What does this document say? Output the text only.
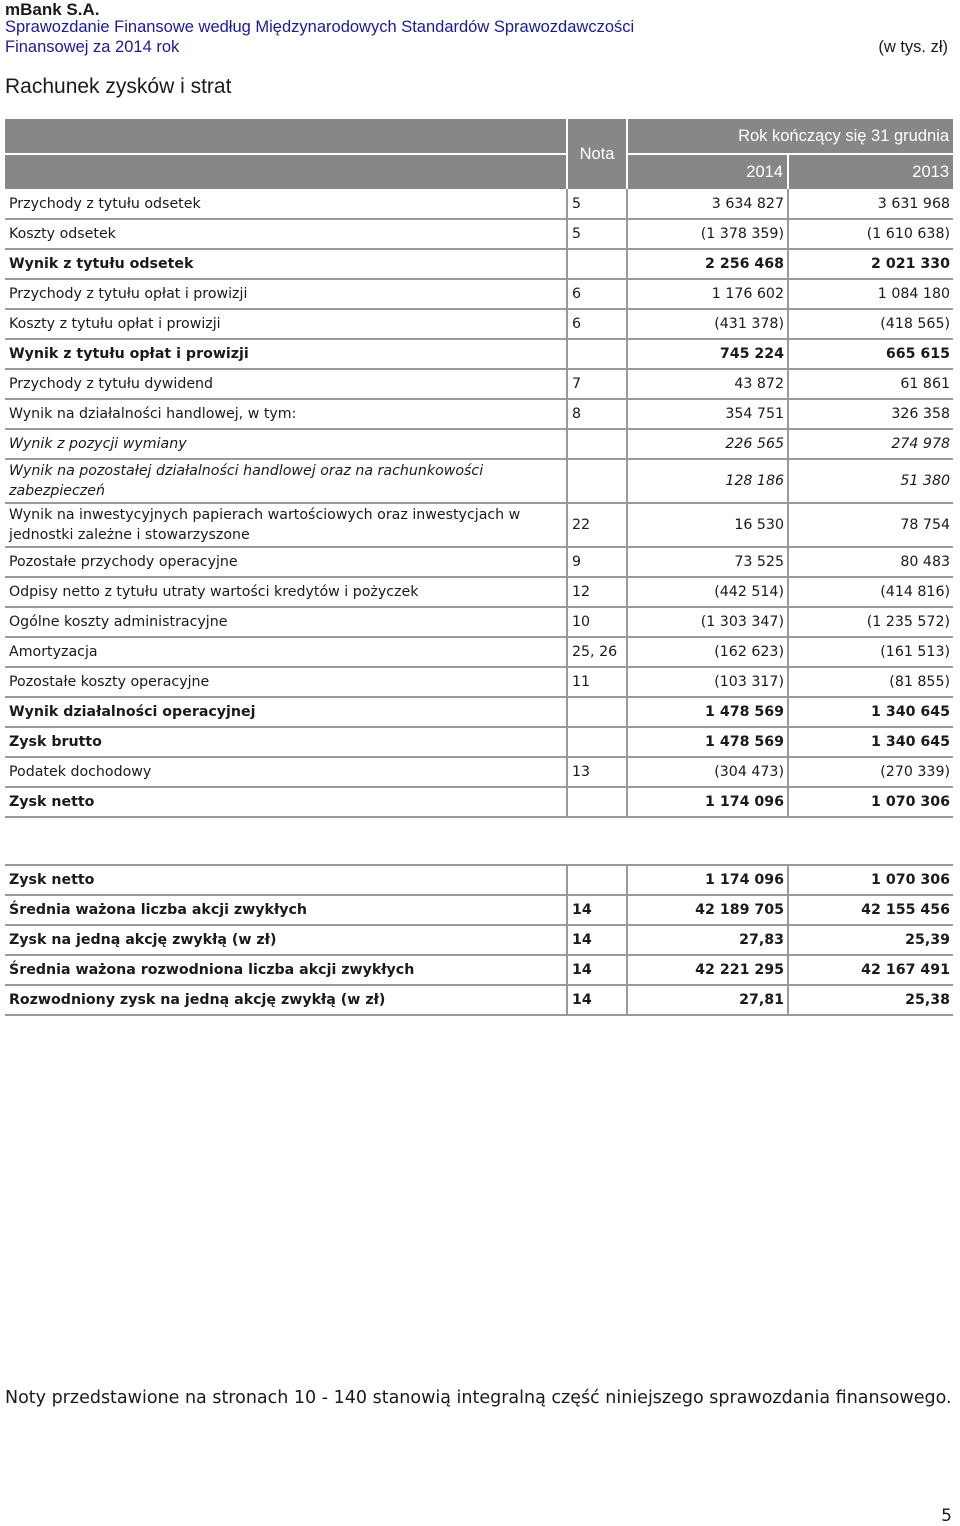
mBank S.A.
Sprawozdanie Finansowe według Międzynarodowych Standardów Sprawozdawczości
Finansowej za 2014 rok	(w tys. zł)
Rachunek zysków i strat
	Nota	Rok kończący się 31 grudnia	
		2014	2013
Przychody z tytułu odsetek	5	3 634 827	3 631 968
Koszty odsetek	5	(1 378 359)	(1 610 638)
Wynik z tytułu odsetek		2 256 468	2 021 330
Przychody z tytułu opłat i prowizji	6	1 176 602	1 084 180
Koszty z tytułu opłat i prowizji	6	(431 378)	(418 565)
Wynik z tytułu opłat i prowizji		745 224	665 615
Przychody z tytułu dywidend	7	43 872	61 861
Wynik na działalności handlowej, w tym:	8	354 751	326 358
Wynik z pozycji wymiany		226 565	274 978
Wynik na pozostałej działalności handlowej oraz na rachunkowości zabezpieczeń		128 186	51 380
Wynik na inwestycyjnych papierach wartościowych oraz inwestycjach w jednostki zależne i stowarzyszone	22	16 530	78 754
Pozostałe przychody operacyjne	9	73 525	80 483
Odpisy netto z tytułu utraty wartości kredytów i pożyczek	12	(442 514)	(414 816)
Ogólne koszty administracyjne	10	(1 303 347)	(1 235 572)
Amortyzacja	25, 26	(162 623)	(161 513)
Pozostałe koszty operacyjne	11	(103 317)	(81 855)
Wynik działalności operacyjnej		1 478 569	1 340 645
Zysk brutto		1 478 569	1 340 645
Podatek dochodowy	13	(304 473)	(270 339)
Zysk netto		1 174 096	1 070 306
Zysk netto		1 174 096	1 070 306
Średnia ważona liczba akcji zwykłych	14	42 189 705	42 155 456
Zysk na jedną akcję zwykłą (w zł)	14	27,83	25,39
Średnia ważona rozwodniona liczba akcji zwykłych	14	42 221 295	42 167 491
Rozwodniony zysk na jedną akcję zwykłą (w zł)	14	27,81	25,38
Noty przedstawione na stronach 10 - 140 stanowią integralną część niniejszego sprawozdania finansowego.
5
